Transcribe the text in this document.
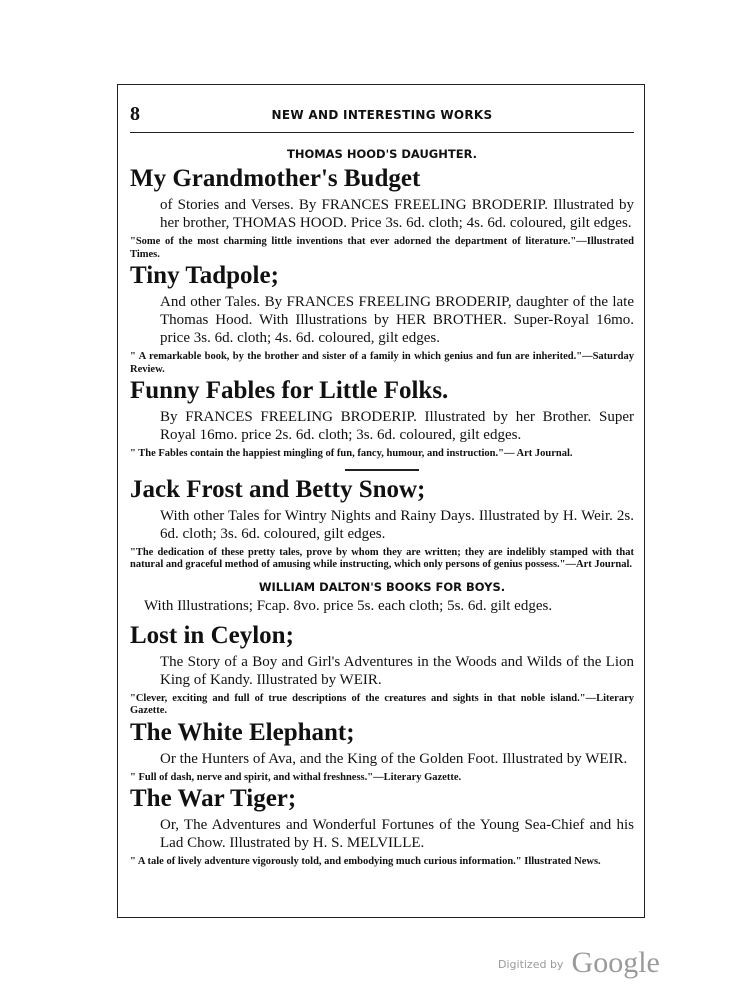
8	NEW AND INTERESTING WORKS
THOMAS HOOD'S DAUGHTER.
My Grandmother's Budget

of Stories and Verses. By FRANCES FREELING BRODERIP. Illustrated by her brother, THOMAS HOOD. Price 3s. 6d. cloth; 4s. 6d. coloured, gilt edges.

"Some of the most charming little inventions that ever adorned the department of literature."—Illustrated Times.

Tiny Tadpole;

And other Tales. By FRANCES FREELING BRODERIP, daughter of the late Thomas Hood. With Illustrations by HER BROTHER. Super-Royal 16mo. price 3s. 6d. cloth; 4s. 6d. coloured, gilt edges.

" A remarkable book, by the brother and sister of a family in which genius and fun are inherited."—Saturday Review.

Funny Fables for Little Folks.

By FRANCES FREELING BRODERIP. Illustrated by her Brother. Super Royal 16mo. price 2s. 6d. cloth; 3s. 6d. coloured, gilt edges.

" The Fables contain the happiest mingling of fun, fancy, humour, and instruction."— Art Journal.

Jack Frost and Betty Snow;

With other Tales for Wintry Nights and Rainy Days. Illustrated by H. Weir. 2s. 6d. cloth; 3s. 6d. coloured, gilt edges.

"The dedication of these pretty tales, prove by whom they are written; they are indelibly stamped with that natural and graceful method of amusing while instructing, which only persons of genius possess."—Art Journal.

WILLIAM DALTON'S BOOKS FOR BOYS.

With Illustrations; Fcap. 8vo. price 5s. each cloth; 5s. 6d. gilt edges.

Lost in Ceylon;

The Story of a Boy and Girl's Adventures in the Woods and Wilds of the Lion King of Kandy. Illustrated by WEIR.

"Clever, exciting and full of true descriptions of the creatures and sights in that noble island."—Literary Gazette.

The White Elephant;

Or the Hunters of Ava, and the King of the Golden Foot. Illustrated by WEIR.

" Full of dash, nerve and spirit, and withal freshness."—Literary Gazette.

The War Tiger;

Or, The Adventures and Wonderful Fortunes of the Young Sea-Chief and his Lad Chow. Illustrated by H. S. MELVILLE.

" A tale of lively adventure vigorously told, and embodying much curious information." Illustrated News.

Digitized by Google
